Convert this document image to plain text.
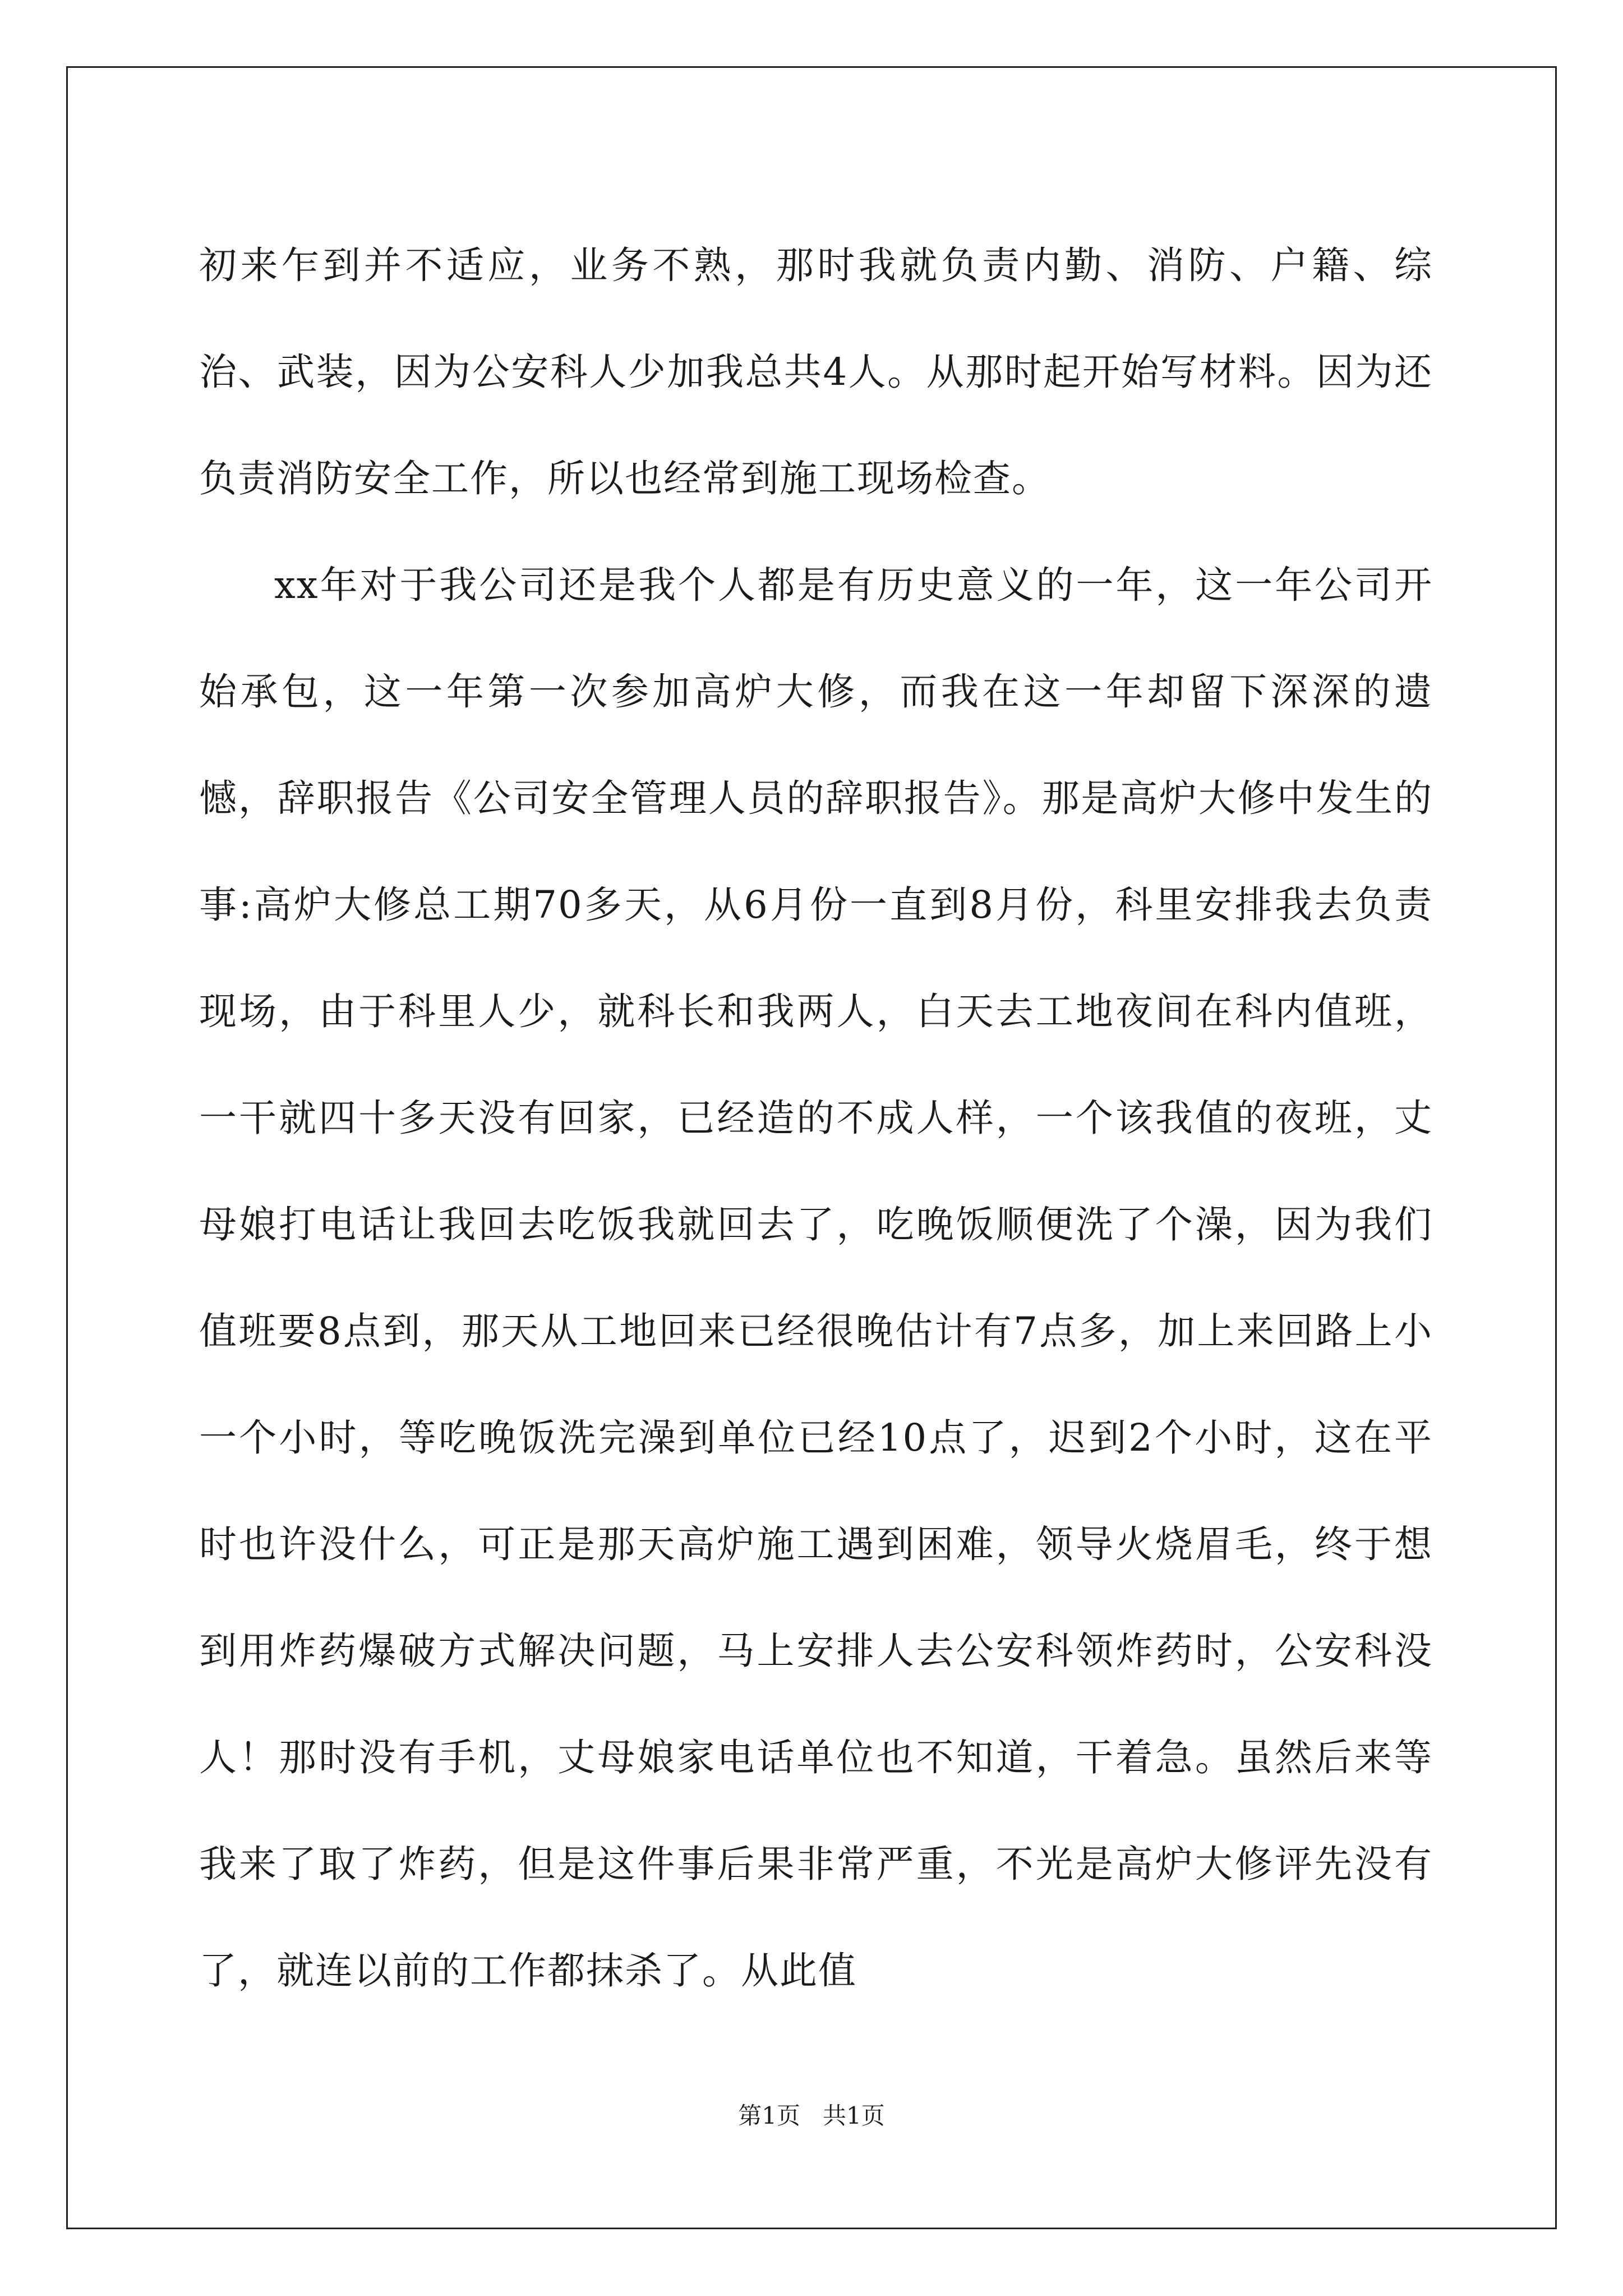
初来乍到并不适应，业务不熟，那时我就负责内勤、消防、户籍、综治、武装，因为公安科人少加我总共4人。从那时起开始写材料。因为还负责消防安全工作，所以也经常到施工现场检查。

xx年对于我公司还是我个人都是有历史意义的一年，这一年公司开始承包，这一年第一次参加高炉大修，而我在这一年却留下深深的遗憾，辞职报告《公司安全管理人员的辞职报告》。那是高炉大修中发生的事:高炉大修总工期70多天，从6月份一直到8月份，科里安排我去负责现场，由于科里人少，就科长和我两人，白天去工地夜间在科内值班，一干就四十多天没有回家，已经造的不成人样，一个该我值的夜班，丈母娘打电话让我回去吃饭我就回去了，吃晚饭顺便洗了个澡，因为我们值班要8点到，那天从工地回来已经很晚估计有7点多，加上来回路上小一个小时，等吃晚饭洗完澡到单位已经10点了，迟到2个小时，这在平时也许没什么，可正是那天高炉施工遇到困难，领导火烧眉毛，终于想到用炸药爆破方式解决问题，马上安排人去公安科领炸药时，公安科没人！那时没有手机，丈母娘家电话单位也不知道，干着急。虽然后来等我来了取了炸药，但是这件事后果非常严重，不光是高炉大修评先没有了，就连以前的工作都抹杀了。从此值

第1页 共1页
